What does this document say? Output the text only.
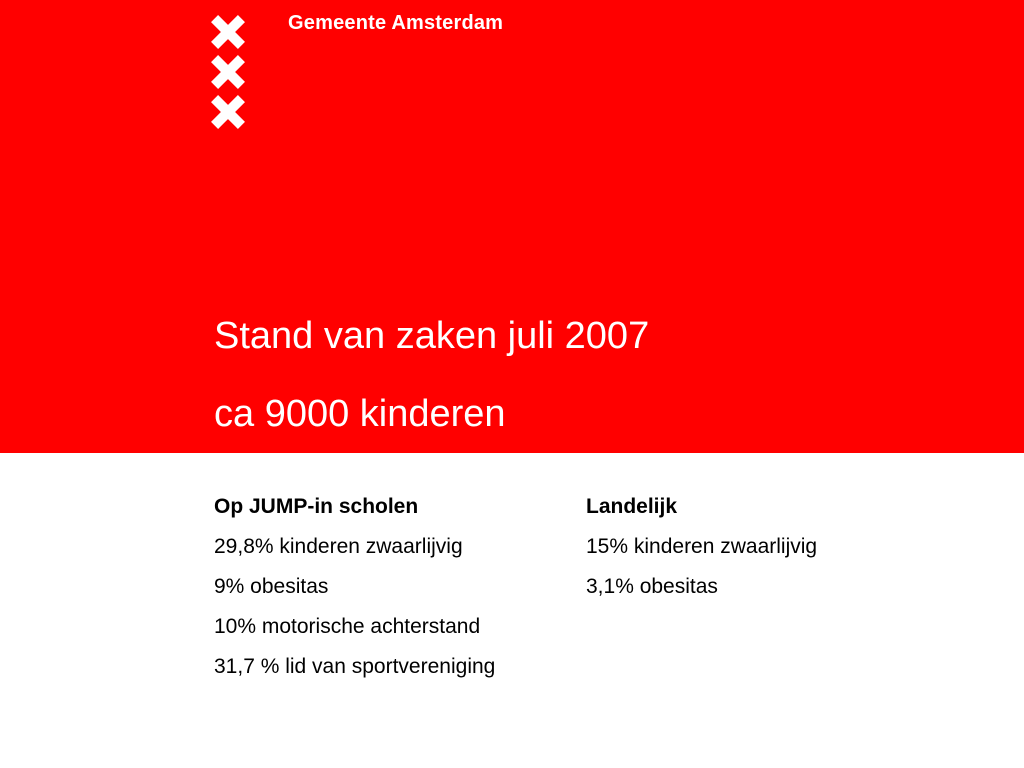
Gemeente Amsterdam
Stand van zaken juli 2007
ca 9000 kinderen
Op JUMP-in scholen
29,8% kinderen zwaarlijvig
9% obesitas
10% motorische achterstand
31,7 % lid van sportvereniging
Landelijk
15% kinderen zwaarlijvig
3,1% obesitas
